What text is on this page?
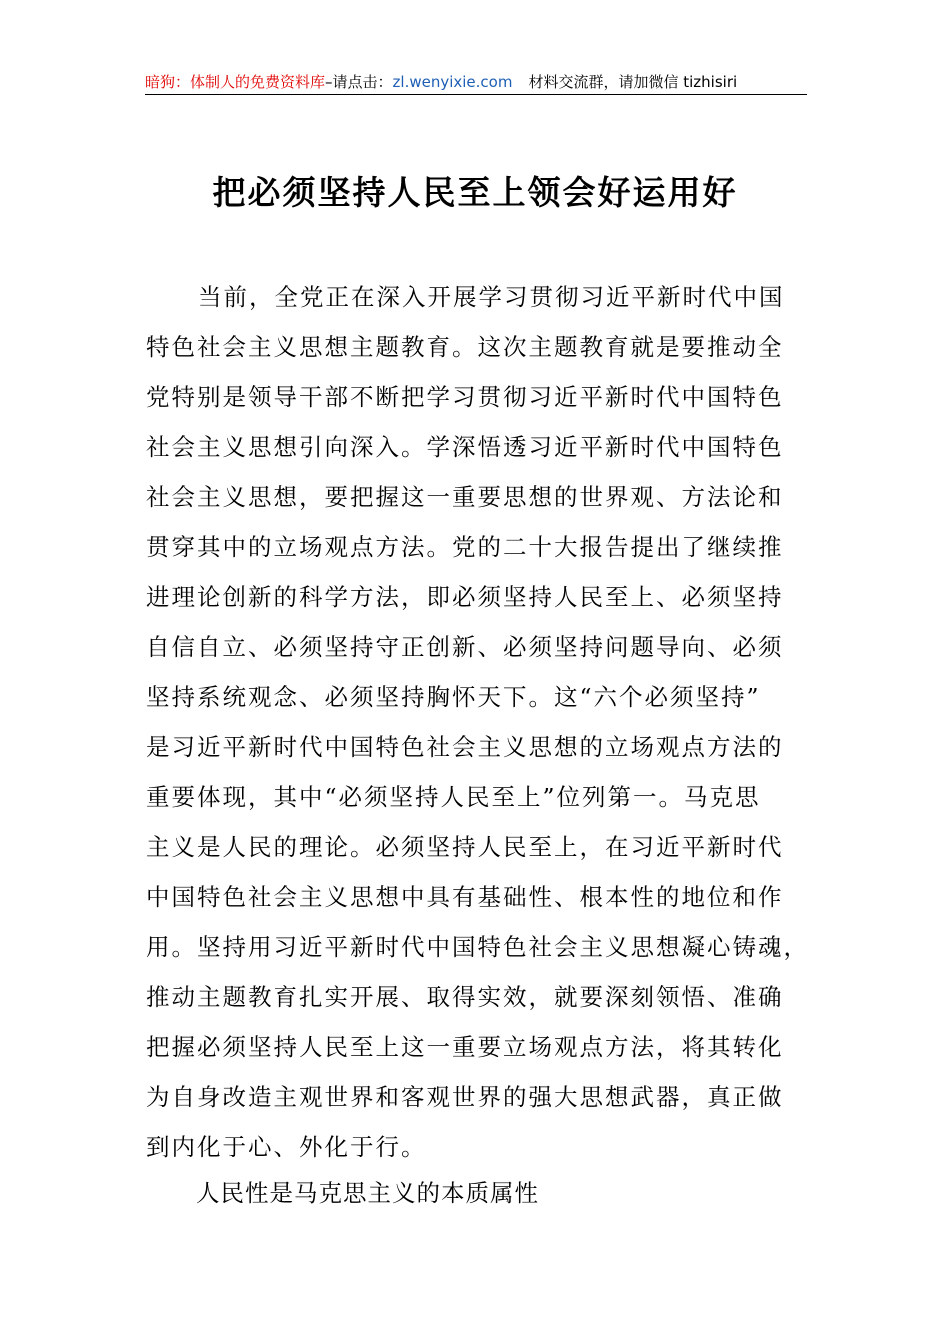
暗狗：体制人的免费资料库–请点击：zl.wenyixie.com 材料交流群，请加微信 tizhisiri
把必须坚持人民至上领会好运用好
当前，全党正在深入开展学习贯彻习近平新时代中国
特色社会主义思想主题教育。这次主题教育就是要推动全
党特别是领导干部不断把学习贯彻习近平新时代中国特色
社会主义思想引向深入。学深悟透习近平新时代中国特色
社会主义思想，要把握这一重要思想的世界观、方法论和
贯穿其中的立场观点方法。党的二十大报告提出了继续推
进理论创新的科学方法，即必须坚持人民至上、必须坚持
自信自立、必须坚持守正创新、必须坚持问题导向、必须
坚持系统观念、必须坚持胸怀天下。这“六个必须坚持”
是习近平新时代中国特色社会主义思想的立场观点方法的
重要体现，其中“必须坚持人民至上”位列第一。马克思
主义是人民的理论。必须坚持人民至上，在习近平新时代
中国特色社会主义思想中具有基础性、根本性的地位和作
用。坚持用习近平新时代中国特色社会主义思想凝心铸魂，
推动主题教育扎实开展、取得实效，就要深刻领悟、准确
把握必须坚持人民至上这一重要立场观点方法，将其转化
为自身改造主观世界和客观世界的强大思想武器，真正做
到内化于心、外化于行。
人民性是马克思主义的本质属性
